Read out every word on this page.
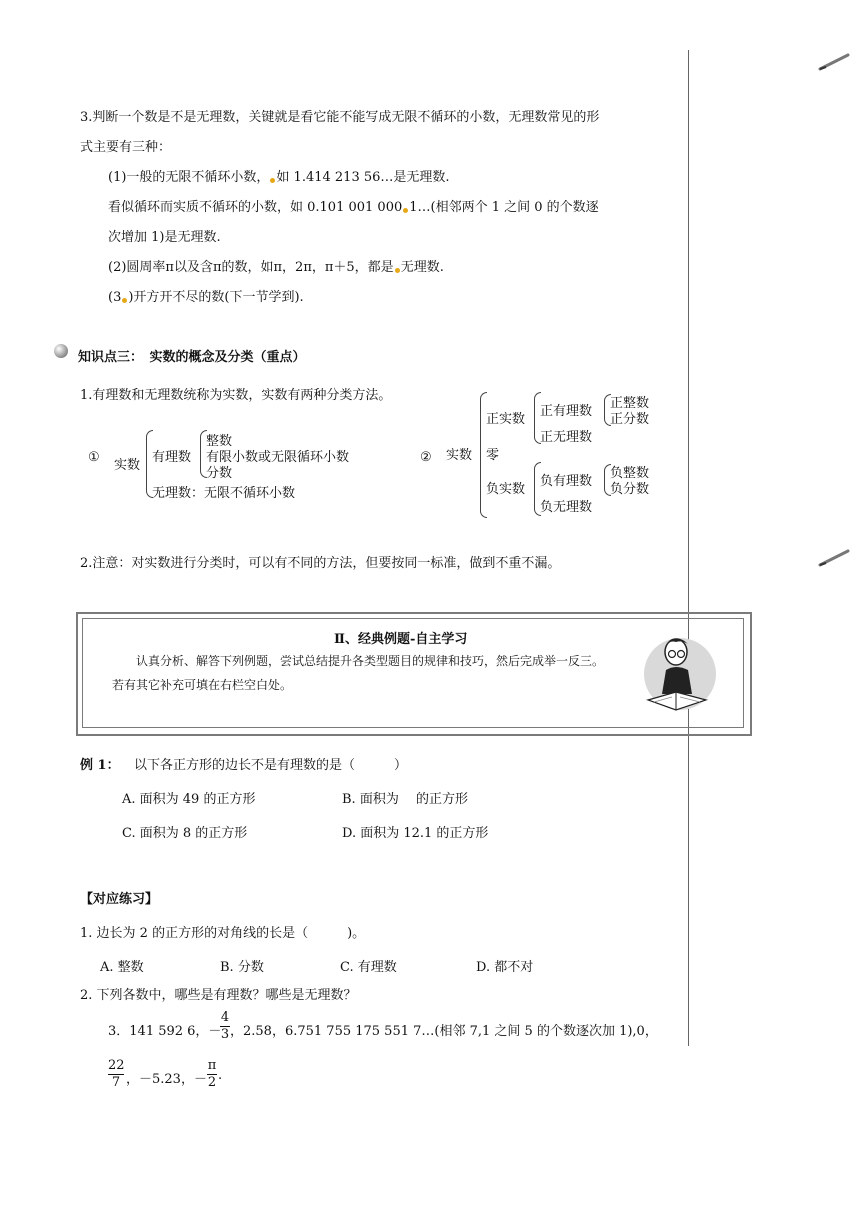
3.判断一个数是不是无理数，关键就是看它能不能写成无限不循环的小数，无理数常见的形
式主要有三种：
(1)一般的无限不循环小数， 如 1.414 213 56…是无理数.
看似循环而实质不循环的小数，如 0.101 001 000 1…(相邻两个 1 之间 0 的个数逐
次增加 1)是无理数.
(2)圆周率π以及含π的数，如π，2π，π＋5，都是 无理数.
(3 )开方开不尽的数(下一节学到).
知识点三：　实数的概念及分类（重点）
1.有理数和无理数统称为实数，实数有两种分类方法。
①
实数
有理数
整数
有限小数或无限循环小数
分数
无理数：无限不循环小数
② 实数
正实数
零
负实数
正有理数
正整数
正分数
正无理数
负有理数
负整数
负分数
负无理数
2.注意：对实数进行分类时，可以有不同的方法，但要按同一标准，做到不重不漏。
Ⅱ、经典例题-自主学习
认真分析、解答下列例题，尝试总结提升各类型题目的规律和技巧，然后完成举一反三。
若有其它补充可填在右栏空白处。
例 1： 以下各正方形的边长不是有理数的是（　　　）
A. 面积为 49 的正方形	B. 面积为　 的正方形
C. 面积为 8 的正方形	D. 面积为 12.1 的正方形
【对应练习】
1. 边长为 2 的正方形的对角线的长是（　　　)。
A. 整数	B. 分数	C. 有理数	D. 都不对
2. 下列各数中，哪些是有理数？哪些是无理数？
3．141 592 6，－
$\frac{4}{3}$ ，2.58，6.751 755 175 551 7…(相邻 7,1 之间 5 的个数逐次加 1),0，
$\frac{22}{7}$ ，－5.23，－ $\frac{\pi}{2}$ .
